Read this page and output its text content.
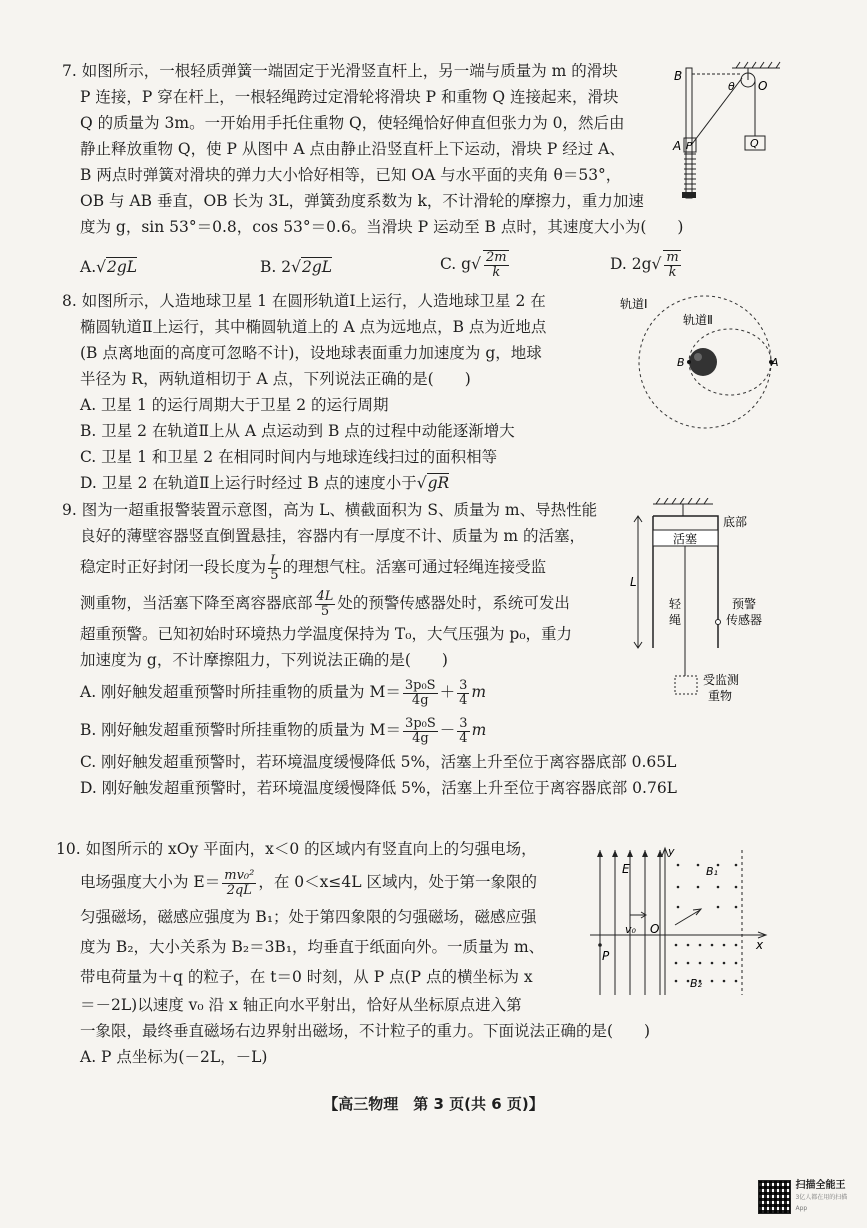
7. 如图所示，一根轻质弹簧一端固定于光滑竖直杆上，另一端与质量为 m 的滑块
P 连接，P 穿在杆上，一根轻绳跨过定滑轮将滑块 P 和重物 Q 连接起来，滑块
Q 的质量为 3m。一开始用手托住重物 Q，使轻绳恰好伸直但张力为 0，然后由
静止释放重物 Q，使 P 从图中 A 点由静止沿竖直杆上下运动，滑块 P 经过 A、
B 两点时弹簧对滑块的弹力大小恰好相等，已知 OA 与水平面的夹角 θ＝53°，
OB 与 AB 垂直，OB 长为 3L，弹簧劲度系数为 k，不计滑轮的摩擦力，重力加速
度为 g，sin 53°＝0.8，cos 53°＝0.6。当滑块 P 运动至 B 点时，其速度大小为(　　)
A.√2gL	B. 2√2gL	C. $g√ \frac{2m}{k}$	D. $2g√ \frac{m}{k}$
B
θ O
A P	Q
8. 如图所示，人造地球卫星 1 在圆形轨道Ⅰ上运行，人造地球卫星 2 在
椭圆轨道Ⅱ上运行，其中椭圆轨道上的 A 点为远地点，B 点为近地点
(B 点离地面的高度可忽略不计)，设地球表面重力加速度为 g，地球
半径为 R，两轨道相切于 A 点，下列说法正确的是(　　)
A. 卫星 1 的运行周期大于卫星 2 的运行周期
B. 卫星 2 在轨道Ⅱ上从 A 点运动到 B 点的过程中动能逐渐增大
C. 卫星 1 和卫星 2 在相同时间内与地球连线扫过的面积相等
D. 卫星 2 在轨道Ⅱ上运行时经过 B 点的速度小于√gR
轨道Ⅰ
轨道Ⅱ
B	A
9. 图为一超重报警装置示意图，高为 L、横截面积为 S、质量为 m、导热性能
良好的薄壁容器竖直倒置悬挂，容器内有一厚度不计、质量为 m 的活塞，
稳定时正好封闭一段长度为 $\frac{L}{5}$ 的理想气柱。活塞可通过轻绳连接受监
测重物，当活塞下降至离容器底部 $\frac{4L}{5}$ 处的预警传感器处时，系统可发出
超重预警。已知初始时环境热力学温度保持为 T₀，大气压强为 p₀，重力
加速度为 g，不计摩擦阻力，下列说法正确的是(　　)
A. 刚好触发超重预警时所挂重物的质量为 $M= \frac{\text{3p₀S}}{4g} + \frac{3}{4}$ m
B. 刚好触发超重预警时所挂重物的质量为 $M= \frac{\text{3p₀S}}{4g} - \frac{3}{4}$ m
C. 刚好触发超重预警时，若环境温度缓慢降低 5%，活塞上升至位于离容器底部 0.65L
D. 刚好触发超重预警时，若环境温度缓慢降低 5%，活塞上升至位于离容器底部 0.76L
底部
活塞
L
轻
绳
预警
传感器
受监测
重物
10. 如图所示的 xOy 平面内，x＜0 的区域内有竖直向上的匀强电场，
电场强度大小为 $E= \frac{\text{mv₀²}}{2qL}$ ，在 0＜x≤4L 区域内，处于第一象限的
匀强磁场，磁感应强度为 B₁；处于第四象限的匀强磁场，磁感应强
度为 B₂，大小关系为 B₂＝3B₁，均垂直于纸面向外。一质量为 m、
带电荷量为＋q 的粒子，在 t＝0 时刻，从 P 点(P 点的横坐标为 x
＝－2L)以速度 v₀ 沿 x 轴正向水平射出，恰好从坐标原点进入第
一象限，最终垂直磁场右边界射出磁场，不计粒子的重力。下面说法正确的是(　　)
A. P 点坐标为(－2L，－L)
y
E	B₁
v₀ O
x
P
B₂
【高三物理　第 3 页(共 6 页)】
扫描全能王
3亿人都在用的扫描App
